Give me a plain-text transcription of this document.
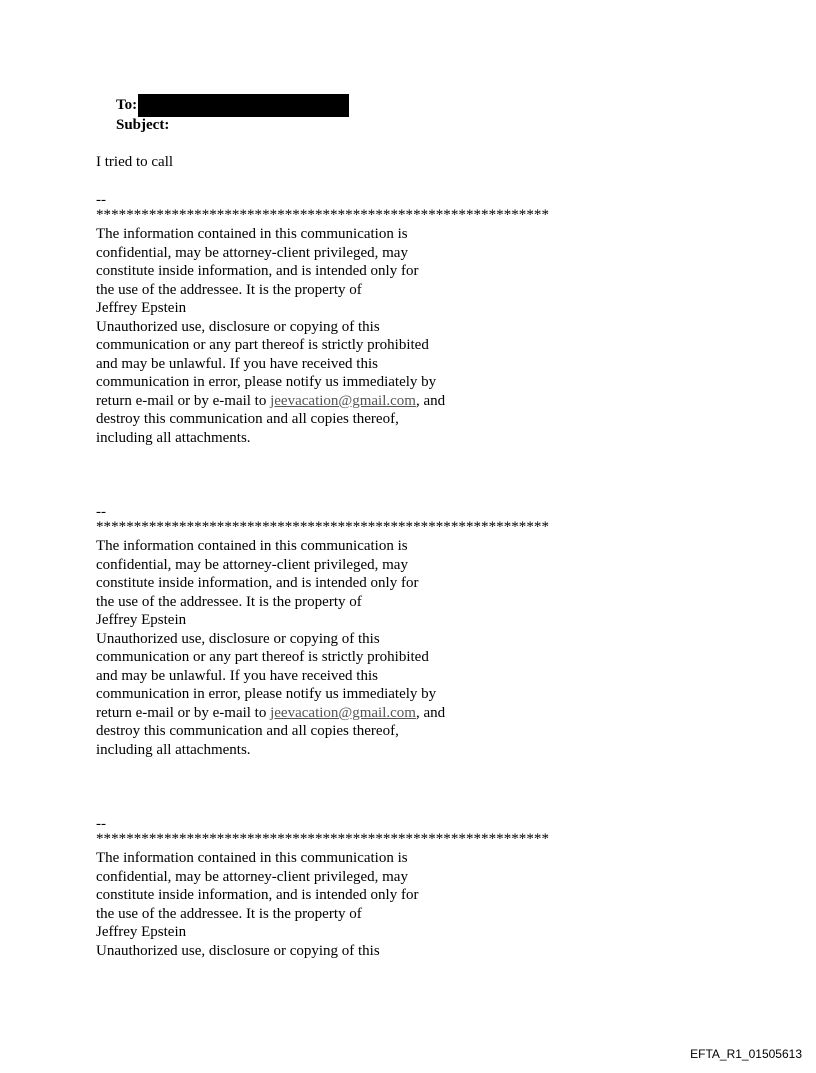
To:
Subject:
I tried to call
--
************************************************************

The information contained in this communication is

confidential, may be attorney-client privileged, may

constitute inside information, and is intended only for

the use of the addressee. It is the property of

Jeffrey Epstein

Unauthorized use, disclosure or copying of this

communication or any part thereof is strictly prohibited

and may be unlawful. If you have received this

communication in error, please notify us immediately by

return e-mail or by e-mail to jeevacation@gmail.com, and

destroy this communication and all copies thereof,

including all attachments.

--
************************************************************

The information contained in this communication is

confidential, may be attorney-client privileged, may

constitute inside information, and is intended only for

the use of the addressee. It is the property of

Jeffrey Epstein

Unauthorized use, disclosure or copying of this

communication or any part thereof is strictly prohibited

and may be unlawful. If you have received this

communication in error, please notify us immediately by

return e-mail or by e-mail to jeevacation@gmail.com, and

destroy this communication and all copies thereof,

including all attachments.

--
************************************************************

The information contained in this communication is

confidential, may be attorney-client privileged, may

constitute inside information, and is intended only for

the use of the addressee. It is the property of

Jeffrey Epstein

Unauthorized use, disclosure or copying of this

EFTA_R1_01505613
